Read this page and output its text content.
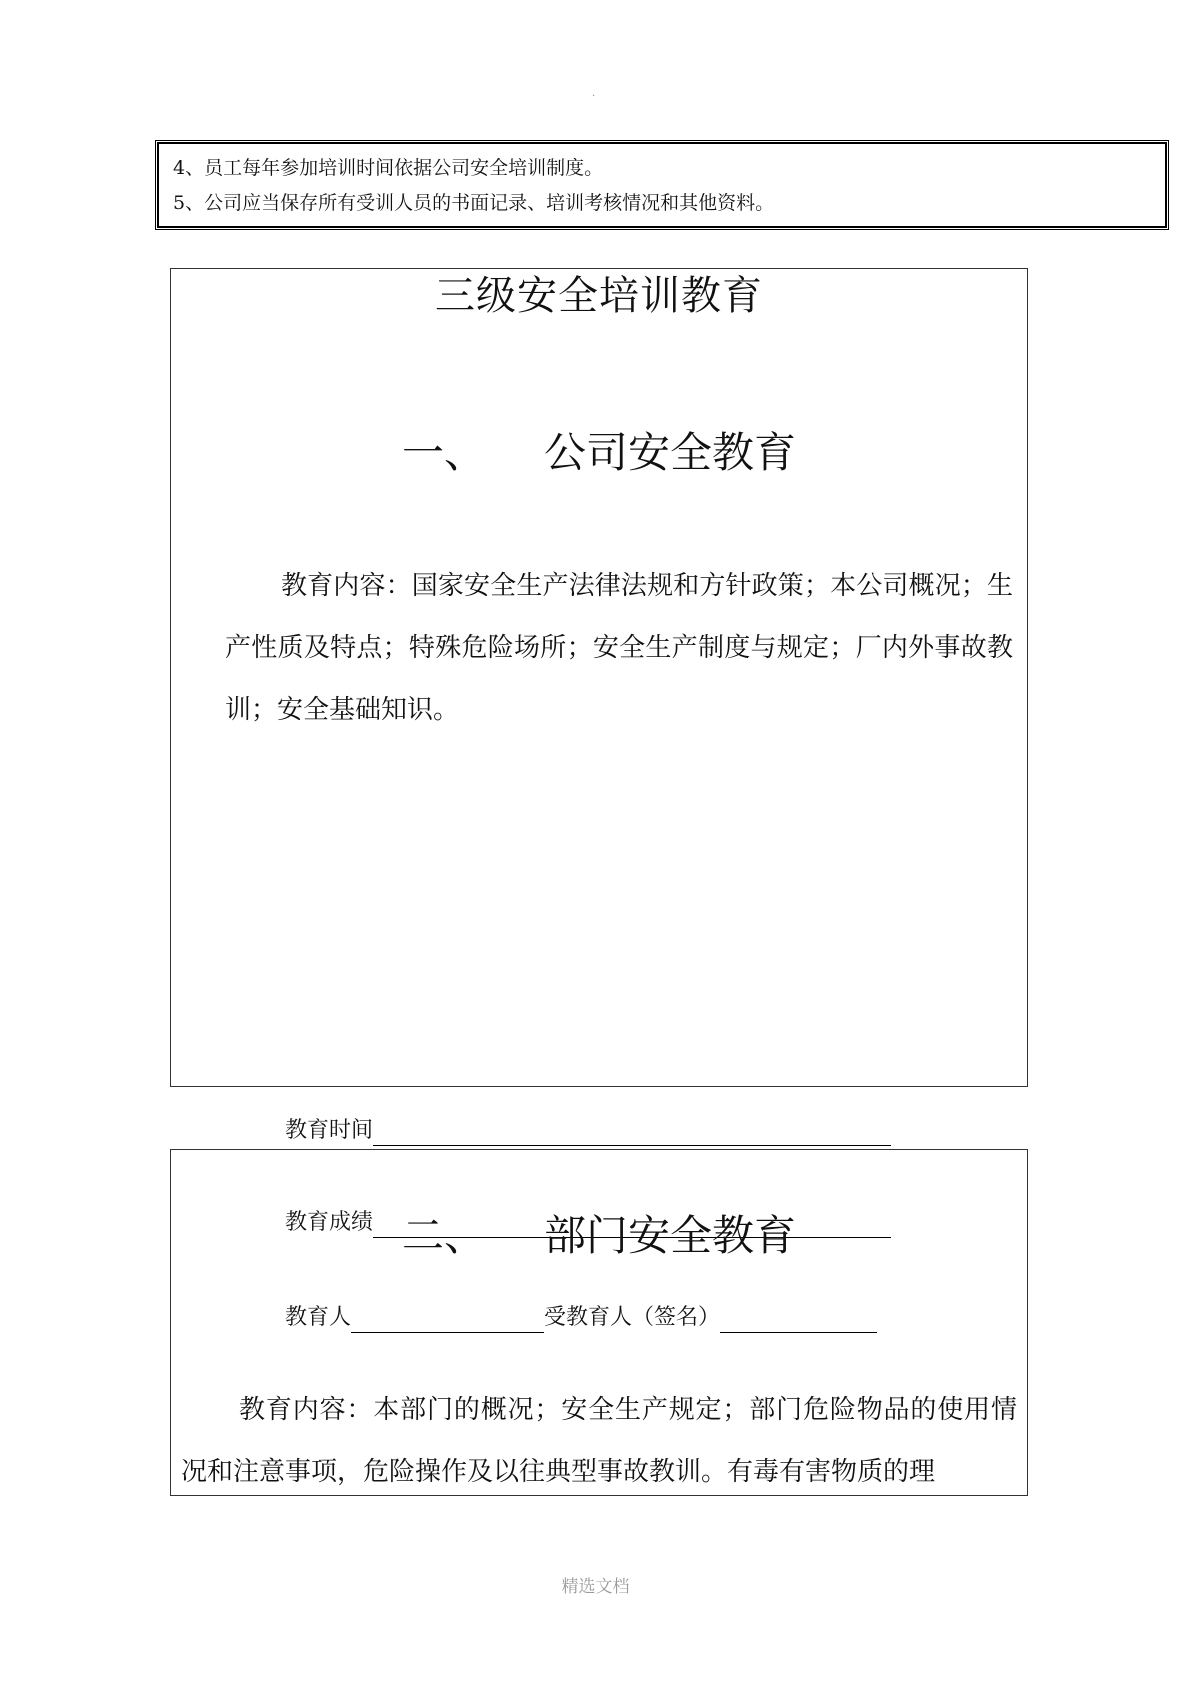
.
4、员工每年参加培训时间依据公司安全培训制度。
5、公司应当保存所有受训人员的书面记录、培训考核情况和其他资料。
三级安全培训教育
一、 公司安全教育
教育内容：国家安全生产法律法规和方针政策；本公司概况；生产性质及特点；特殊危险场所；安全生产制度与规定；厂内外事故教训；安全基础知识。
教育时间
教育成绩
教育人	受教育人（签名）
二、 部门安全教育
教育内容：本部门的概况；安全生产规定；部门危险物品的使用情况和注意事项，危险操作及以往典型事故教训。有毒有害物质的理
精选文档
